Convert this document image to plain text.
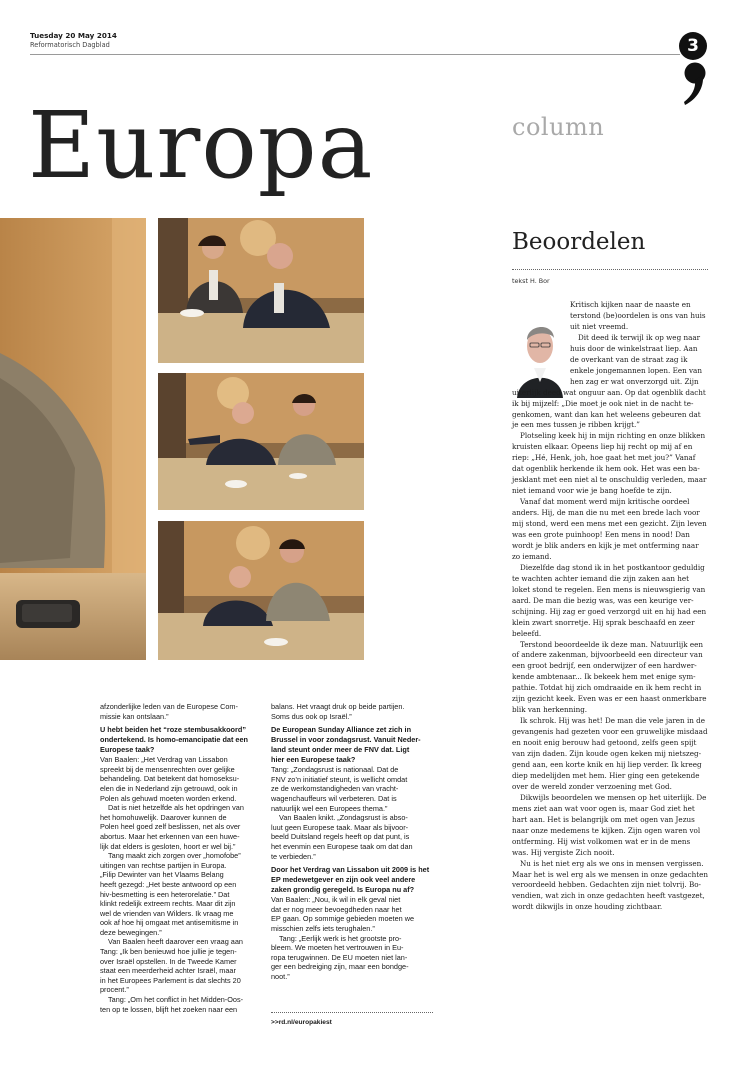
Tuesday 20 May 2014
Reformatorisch Dagblad	3
Europa	column
Beoordelen
tekst H. Bor

Kritisch kijken naar de naaste en

terstond (be)oordelen is ons van huis

uit niet vreemd.

Dit deed ik terwijl ik op weg naar

huis door de winkelstraat liep. Aan

de overkant van de straat zag ik

enkele jongemannen lopen. Een van

hen zag er wat onverzorgd uit. Zijn

uiterlijk deed wat onguur aan. Op dat ogenblik dacht

ik bij mijzelf: „Die moet je ook niet in de nacht te-

genkomen, want dan kan het weleens gebeuren dat

je een mes tussen je ribben krijgt.”

Plotseling keek hij in mijn richting en onze blikken

kruisten elkaar. Opeens liep hij recht op mij af en

riep: „Hé, Henk, joh, hoe gaat het met jou?” Vanaf

dat ogenblik herkende ik hem ook. Het was een ba-

jesklant met een niet al te onschuldig verleden, maar

niet iemand voor wie je bang hoefde te zijn.

Vanaf dat moment werd mijn kritische oordeel

anders. Hij, de man die nu met een brede lach voor

mij stond, werd een mens met een gezicht. Zijn leven

was een grote puinhoop! Een mens in nood! Dan

wordt je blik anders en kijk je met ontferming naar

zo iemand.

Diezelfde dag stond ik in het postkantoor geduldig

te wachten achter iemand die zijn zaken aan het

loket stond te regelen. Een mens is nieuwsgierig van

aard. De man die bezig was, was een keurige ver-

schijning. Hij zag er goed verzorgd uit en hij had een

klein zwart snorretje. Hij sprak beschaafd en zeer

beleefd.

Terstond beoordeelde ik deze man. Natuurlijk een

of andere zakenman, bijvoorbeeld een directeur van

een groot bedrijf, een onderwijzer of een hardwer-

kende ambtenaar... Ik bekeek hem met enige sym-

pathie. Totdat hij zich omdraaide en ik hem recht in

zijn gezicht keek. Even was er een haast onmerkbare

blik van herkenning.

Ik schrok. Hij was het! De man die vele jaren in de

gevangenis had gezeten voor een gruwelijke misdaad

en nooit enig berouw had getoond, zelfs geen spijt

van zijn daden. Zijn koude ogen keken mij nietszeg-

gend aan, een korte knik en hij liep verder. Ik kreeg

diep medelijden met hem. Hier ging een getekende

over de wereld zonder verzoening met God.

Dikwijls beoordelen we mensen op het uiterlijk. De

mens ziet aan wat voor ogen is, maar God ziet het

hart aan. Het is belangrijk om met ogen van Jezus

naar onze medemens te kijken. Zijn ogen waren vol

ontferming. Hij wist volkomen wat er in de mens

was. Hij vergiste Zich nooit.

Nu is het niet erg als we ons in mensen vergissen.

Maar het is wel erg als we mensen in onze gedachten

veroordeeld hebben. Gedachten zijn niet tolvrij. Bo-

vendien, wat zich in onze gedachten heeft vastgezet,

wordt dikwijls in onze houding zichtbaar.

afzonderlijke leden van de Europese Com-
missie kan ontslaan.”

U hebt beiden het “roze stembusakkoord”
ondertekend. Is homo-emancipatie dat een
Europese taak?

Van Baalen: „Het Verdrag van Lissabon
spreekt bij de mensenrechten over gelijke
behandeling. Dat betekent dat homoseksu-
elen die in Nederland zijn getrouwd, ook in
Polen als gehuwd moeten worden erkend.

Dat is niet hetzelfde als het opdringen van
het homohuwelijk. Daarover kunnen de
Polen heel goed zelf beslissen, net als over
abortus. Maar het erkennen van een huwe-
lijk dat elders is gesloten, hoort er wel bij.”

Tang maakt zich zorgen over „homofobe”
uitingen van rechtse partijen in Europa.
„Filip Dewinter van het Vlaams Belang
heeft gezegd: „Het beste antwoord op een
hiv-besmetting is een heterorelatie.” Dat
klinkt redelijk extreem rechts. Maar dit zijn
wel de vrienden van Wilders. Ik vraag me
ook af hoe hij omgaat met antisemitisme in
deze bewegingen.”

Van Baalen heeft daarover een vraag aan
Tang: „Ik ben benieuwd hoe jullie je tegen-
over Israël opstellen. In de Tweede Kamer
staat een meerderheid achter Israël, maar
in het Europees Parlement is dat slechts 20
procent.”

Tang: „Om het conflict in het Midden-Oos-
ten op te lossen, blijft het zoeken naar een

balans. Het vraagt druk op beide partijen.
Soms dus ook op Israël.”

De European Sunday Alliance zet zich in
Brussel in voor zondagsrust. Vanuit Neder-
land steunt onder meer de FNV dat. Ligt
hier een Europese taak?

Tang: „Zondagsrust is nationaal. Dat de
FNV zo’n initiatief steunt, is wellicht omdat
ze de werkomstandigheden van vracht-
wagenchauffeurs wil verbeteren. Dat is
natuurlijk wel een Europees thema.”

Van Baalen knikt. „Zondagsrust is abso-
luut geen Europese taak. Maar als bijvoor-
beeld Duitsland regels heeft op dat punt, is
het evenmin een Europese taak om dat dan
te verbieden.”

Door het Verdrag van Lissabon uit 2009 is het
EP medewetgever en zijn ook veel andere
zaken grondig geregeld. Is Europa nu af?

Van Baalen: „Nou, ik wil in elk geval niet
dat er nog meer bevoegdheden naar het
EP gaan. Op sommige gebieden moeten we
misschien zelfs iets terughalen.”

Tang: „Eerlijk werk is het grootste pro-
bleem. We moeten het vertrouwen in Eu-
ropa terugwinnen. De EU moeten niet lan-
ger een bedreiging zijn, maar een bondge-
noot.”

>>rd.nl/europakiest
